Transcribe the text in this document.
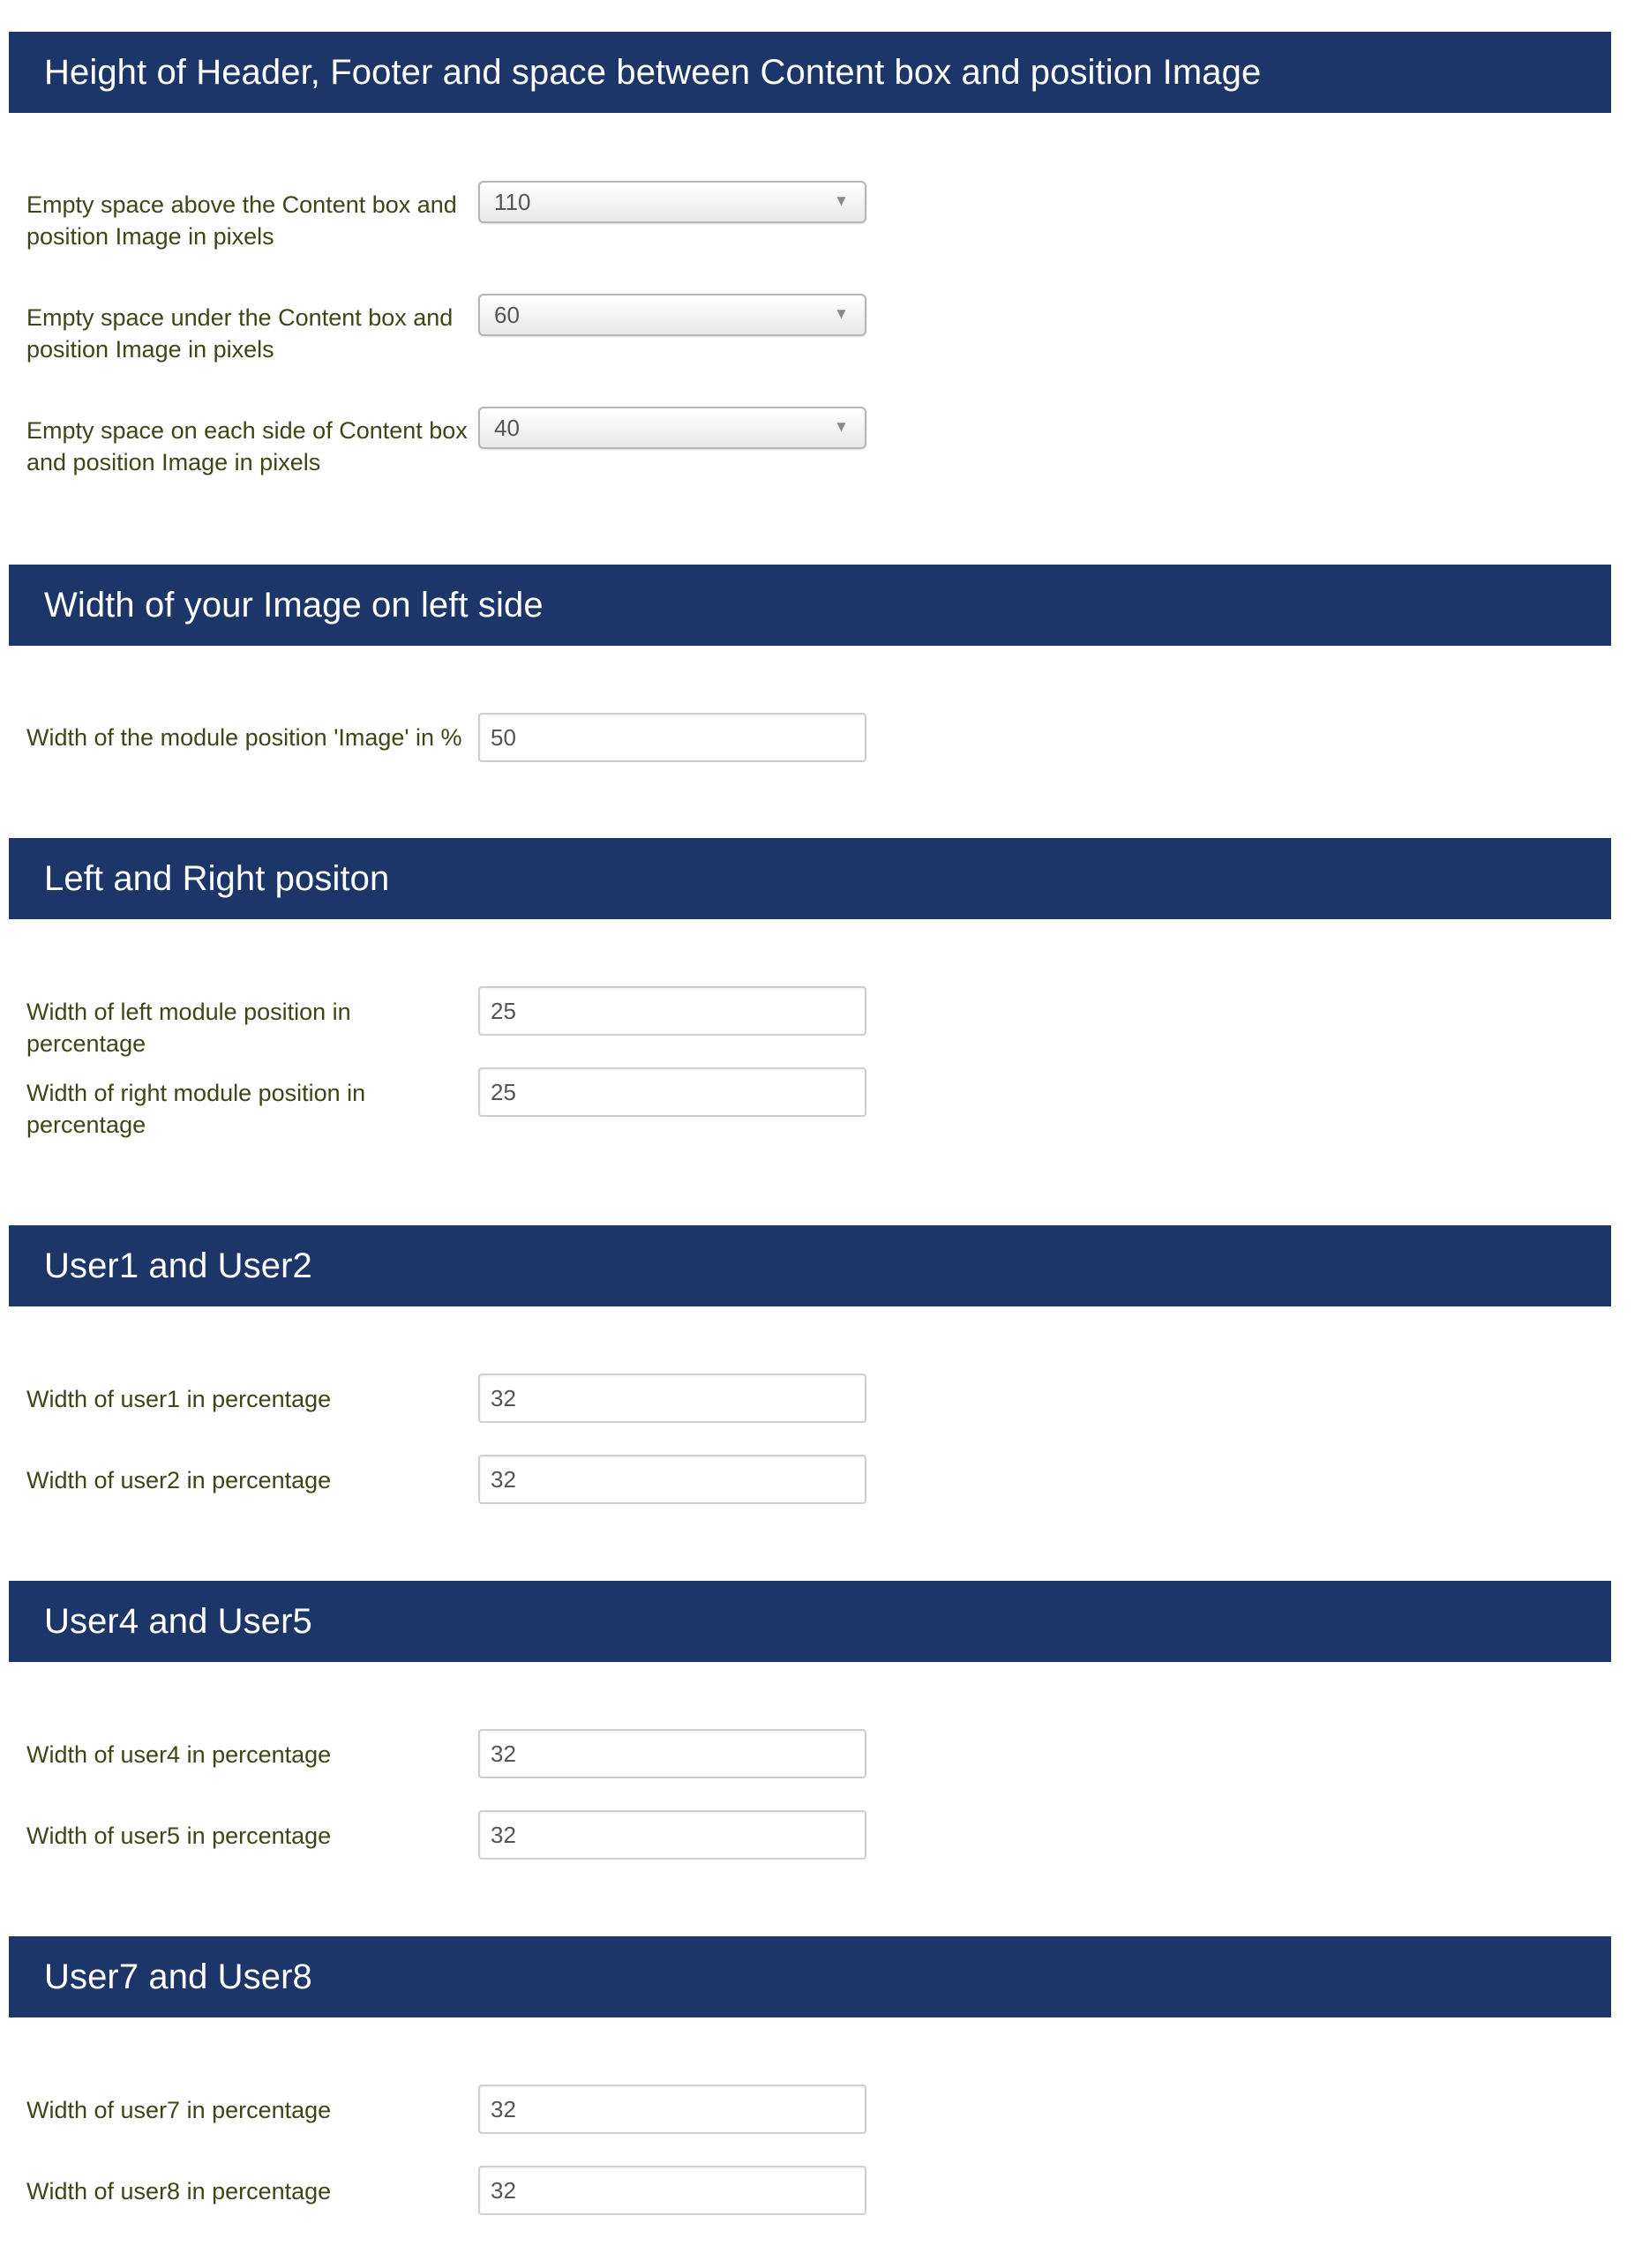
Height of Header, Footer and space between Content box and position Image
Empty space above the Content box and position Image in pixels
110	▼
Empty space under the Content box and position Image in pixels
60	▼
Empty space on each side of Content box and position Image in pixels
40	▼
Width of your Image on left side
Width of the module position 'Image' in %
50
Left and Right positon
Width of left module position in percentage
25
Width of right module position in percentage
25
User1 and User2
Width of user1 in percentage
32
Width of user2 in percentage
32
User4 and User5
Width of user4 in percentage
32
Width of user5 in percentage
32
User7 and User8
Width of user7 in percentage
32
Width of user8 in percentage
32
